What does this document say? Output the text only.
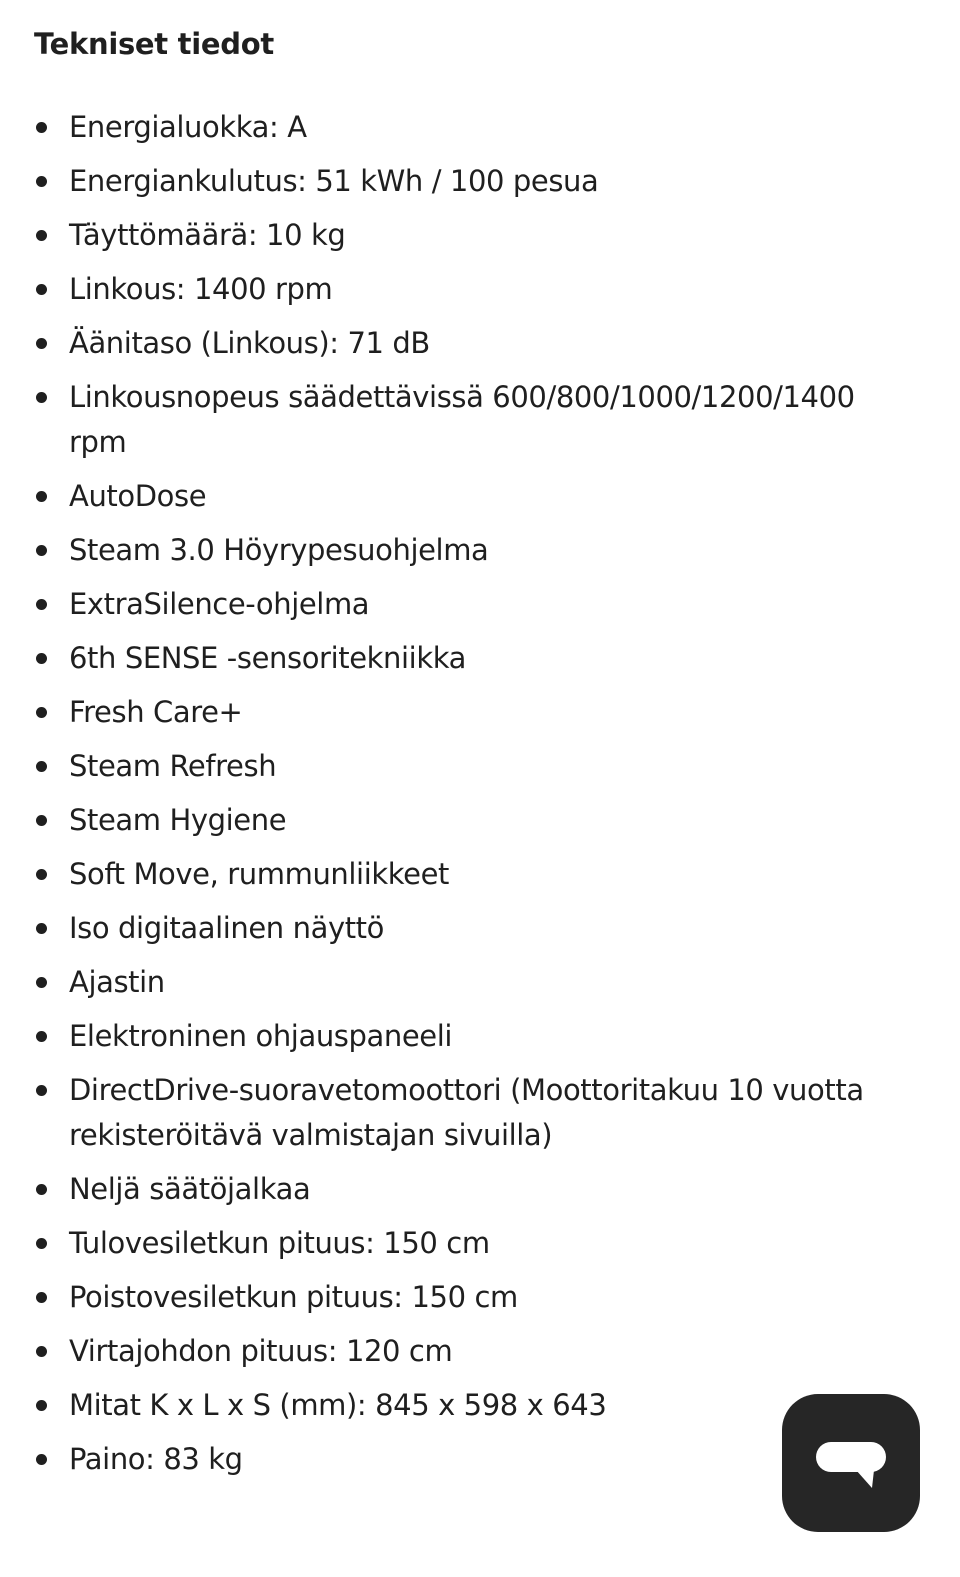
Tekniset tiedot
Energialuokka: A
Energiankulutus: 51 kWh / 100 pesua
Täyttömäärä: 10 kg
Linkous: 1400 rpm
Äänitaso (Linkous): 71 dB
Linkousnopeus säädettävissä 600/800/1000/1200/1400 rpm
AutoDose
Steam 3.0 Höyrypesuohjelma
ExtraSilence-ohjelma
6th SENSE -sensoritekniikka
Fresh Care+
Steam Refresh
Steam Hygiene
Soft Move, rummunliikkeet
Iso digitaalinen näyttö
Ajastin
Elektroninen ohjauspaneeli
DirectDrive-suoravetomoottori (Moottoritakuu 10 vuotta rekisteröitävä valmistajan sivuilla)
Neljä säätöjalkaa
Tulovesiletkun pituus: 150 cm
Poistovesiletkun pituus: 150 cm
Virtajohdon pituus: 120 cm
Mitat K x L x S (mm): 845 x 598 x 643
Paino: 83 kg
